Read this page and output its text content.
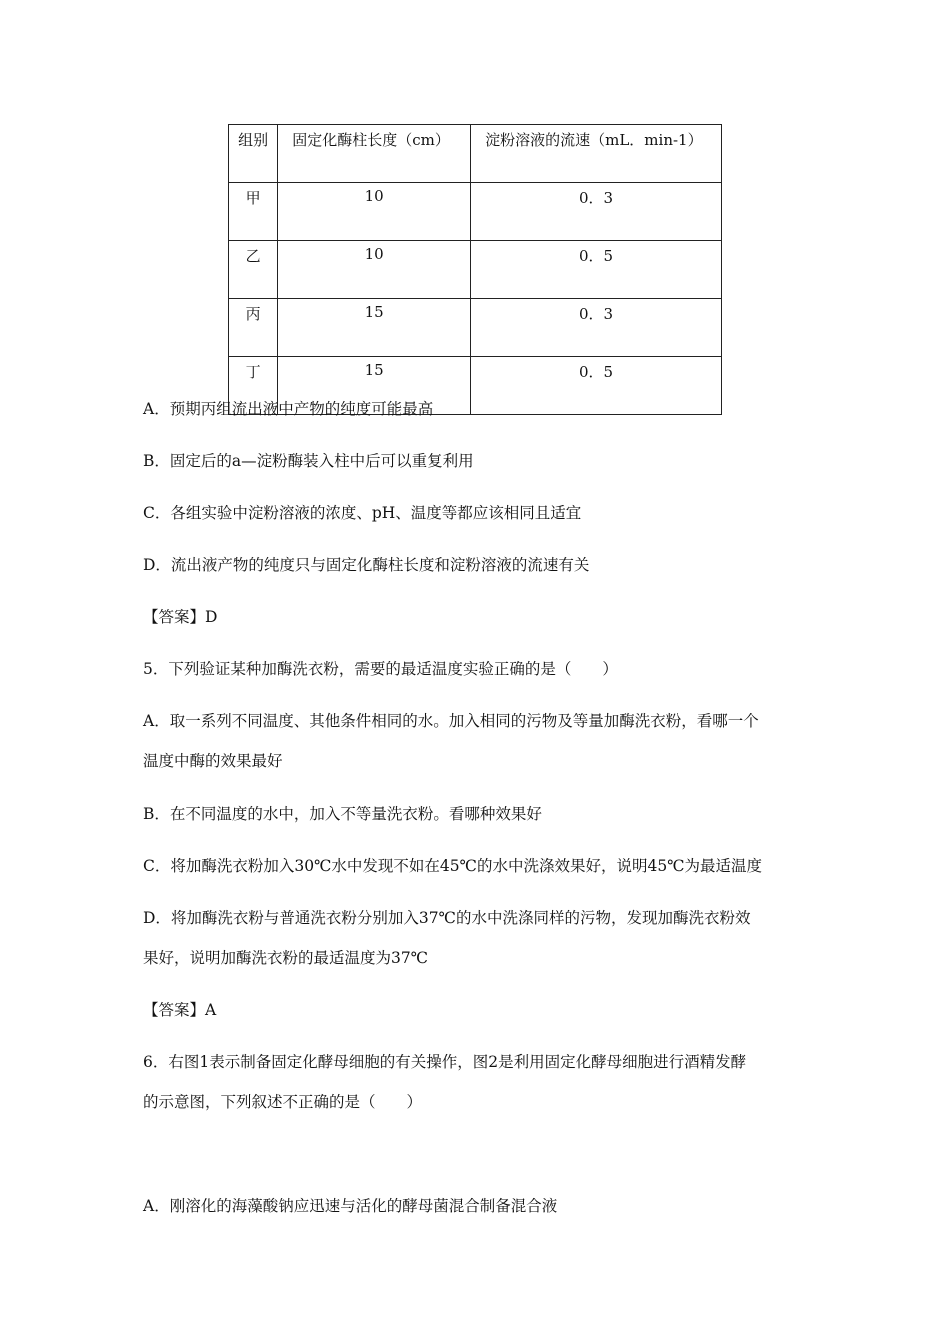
组别	固定化酶柱长度（cm）	淀粉溶液的流速（mL．min-1）
甲	10	0．3
乙	10	0．5
丙	15	0．3
丁	15	0．5
A．预期丙组流出液中产物的纯度可能最高
B．固定后的a—淀粉酶装入柱中后可以重复利用
C．各组实验中淀粉溶液的浓度、pH、温度等都应该相同且适宜
D．流出液产物的纯度只与固定化酶柱长度和淀粉溶液的流速有关
【答案】D
5．下列验证某种加酶洗衣粉，需要的最适温度实验正确的是（　　）
A．取一系列不同温度、其他条件相同的水。加入相同的污物及等量加酶洗衣粉，看哪一个
温度中酶的效果最好
B．在不同温度的水中，加入不等量洗衣粉。看哪种效果好
C．将加酶洗衣粉加入30℃水中发现不如在45℃的水中洗涤效果好，说明45℃为最适温度
D．将加酶洗衣粉与普通洗衣粉分别加入37℃的水中洗涤同样的污物，发现加酶洗衣粉效
果好，说明加酶洗衣粉的最适温度为37℃
【答案】A
6．右图1表示制备固定化酵母细胞的有关操作，图2是利用固定化酵母细胞进行酒精发酵
的示意图，下列叙述不正确的是（　　）
A．刚溶化的海藻酸钠应迅速与活化的酵母菌混合制备混合液
